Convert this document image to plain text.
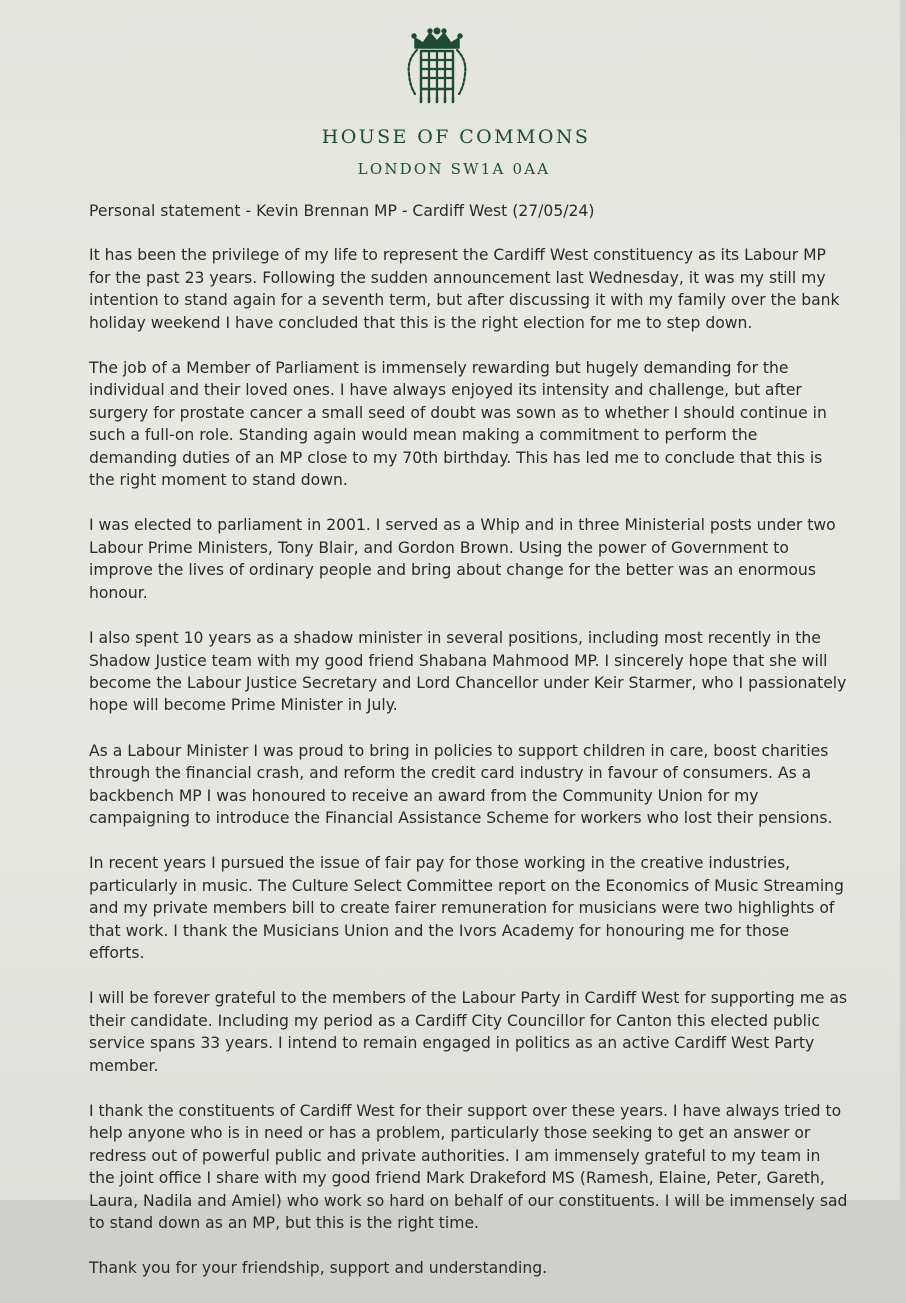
HOUSE OF COMMONS
LONDON SW1A 0AA

Personal statement - Kevin Brennan MP - Cardiff West (27/05/24)

It has been the privilege of my life to represent the Cardiff West constituency as its Labour MP for the past 23 years. Following the sudden announcement last Wednesday, it was my still my intention to stand again for a seventh term, but after discussing it with my family over the bank holiday weekend I have concluded that this is the right election for me to step down.

The job of a Member of Parliament is immensely rewarding but hugely demanding for the individual and their loved ones. I have always enjoyed its intensity and challenge, but after surgery for prostate cancer a small seed of doubt was sown as to whether I should continue in such a full-on role. Standing again would mean making a commitment to perform the demanding duties of an MP close to my 70th birthday. This has led me to conclude that this is the right moment to stand down.

I was elected to parliament in 2001. I served as a Whip and in three Ministerial posts under two Labour Prime Ministers, Tony Blair, and Gordon Brown. Using the power of Government to improve the lives of ordinary people and bring about change for the better was an enormous honour.

I also spent 10 years as a shadow minister in several positions, including most recently in the Shadow Justice team with my good friend Shabana Mahmood MP. I sincerely hope that she will become the Labour Justice Secretary and Lord Chancellor under Keir Starmer, who I passionately hope will become Prime Minister in July.

As a Labour Minister I was proud to bring in policies to support children in care, boost charities through the financial crash, and reform the credit card industry in favour of consumers. As a backbench MP I was honoured to receive an award from the Community Union for my campaigning to introduce the Financial Assistance Scheme for workers who lost their pensions.

In recent years I pursued the issue of fair pay for those working in the creative industries, particularly in music. The Culture Select Committee report on the Economics of Music Streaming and my private members bill to create fairer remuneration for musicians were two highlights of that work. I thank the Musicians Union and the Ivors Academy for honouring me for those efforts.

I will be forever grateful to the members of the Labour Party in Cardiff West for supporting me as their candidate. Including my period as a Cardiff City Councillor for Canton this elected public service spans 33 years. I intend to remain engaged in politics as an active Cardiff West Party member.

I thank the constituents of Cardiff West for their support over these years. I have always tried to help anyone who is in need or has a problem, particularly those seeking to get an answer or redress out of powerful public and private authorities. I am immensely grateful to my team in the joint office I share with my good friend Mark Drakeford MS (Ramesh, Elaine, Peter, Gareth, Laura, Nadila and Amiel) who work so hard on behalf of our constituents. I will be immensely sad to stand down as an MP, but this is the right time.

Thank you for your friendship, support and understanding.
